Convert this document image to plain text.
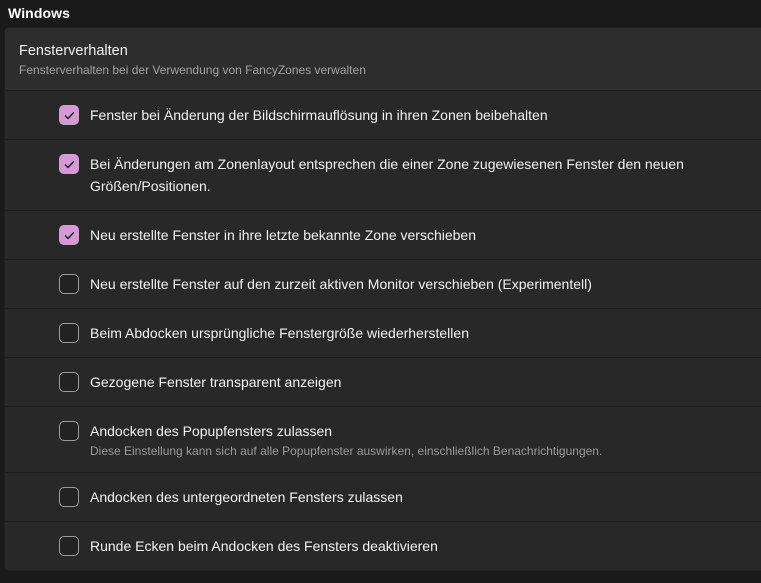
Windows
Fensterverhalten
Fensterverhalten bei der Verwendung von FancyZones verwalten
Fenster bei Änderung der Bildschirmauflösung in ihren Zonen beibehalten
Bei Änderungen am Zonenlayout entsprechen die einer Zone zugewiesenen Fenster den neuen Größen/Positionen.
Neu erstellte Fenster in ihre letzte bekannte Zone verschieben
Neu erstellte Fenster auf den zurzeit aktiven Monitor verschieben (Experimentell)
Beim Abdocken ursprüngliche Fenstergröße wiederherstellen
Gezogene Fenster transparent anzeigen
Andocken des Popupfensters zulassen
Diese Einstellung kann sich auf alle Popupfenster auswirken, einschließlich Benachrichtigungen.
Andocken des untergeordneten Fensters zulassen
Runde Ecken beim Andocken des Fensters deaktivieren
